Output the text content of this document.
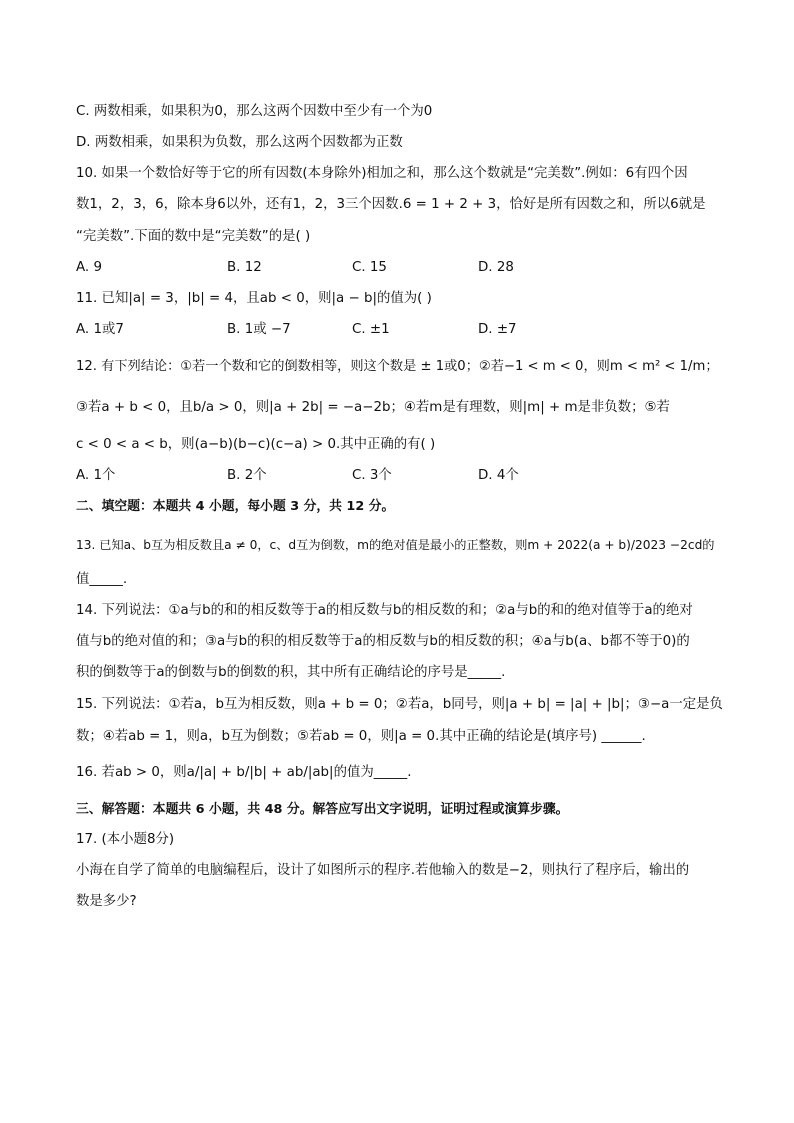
C. 两数相乘，如果积为0，那么这两个因数中至少有一个为0
D. 两数相乘，如果积为负数，那么这两个因数都为正数
10. 如果一个数恰好等于它的所有因数(本身除外)相加之和，那么这个数就是“完美数”.例如：6有四个因
数1，2，3，6，除本身6以外，还有1，2，3三个因数.6 = 1 + 2 + 3，恰好是所有因数之和，所以6就是
“完美数”.下面的数中是“完美数”的是( )
A. 9	B. 12	C. 15	D. 28
11. 已知|a| = 3，|b| = 4，且ab < 0，则|a − b|的值为( )
A. 1或7	B. 1或 −7	C. ±1	D. ±7
12. 有下列结论：①若一个数和它的倒数相等，则这个数是 ± 1或0；②若−1 < m < 0，则m < m² < 1/m；
③若a + b < 0，且b/a > 0，则|a + 2b| = −a−2b；④若m是有理数，则|m| + m是非负数；⑤若
c < 0 < a < b，则(a−b)(b−c)(c−a) > 0.其中正确的有( )
A. 1个	B. 2个	C. 3个	D. 4个
二、填空题：本题共 4 小题，每小题 3 分，共 12 分。
13. 已知a、b互为相反数且a ≠ 0，c、d互为倒数，m的绝对值是最小的正整数，则m + 2022(a + b)/2023 −2cd的
值_____.
14. 下列说法：①a与b的和的相反数等于a的相反数与b的相反数的和；②a与b的和的绝对值等于a的绝对
值与b的绝对值的和；③a与b的积的相反数等于a的相反数与b的相反数的积；④a与b(a、b都不等于0)的
积的倒数等于a的倒数与b的倒数的积，其中所有正确结论的序号是_____.
15. 下列说法：①若a，b互为相反数，则a + b = 0；②若a，b同号，则|a + b| = |a| + |b|；③−a一定是负
数；④若ab = 1，则a，b互为倒数；⑤若ab = 0，则|a = 0.其中正确的结论是(填序号) ______.
16. 若ab > 0，则a/|a| + b/|b| + ab/|ab|的值为_____.
三、解答题：本题共 6 小题，共 48 分。解答应写出文字说明，证明过程或演算步骤。
17. (本小题8分)
小海在自学了简单的电脑编程后，设计了如图所示的程序.若他输入的数是−2，则执行了程序后，输出的
数是多少?
